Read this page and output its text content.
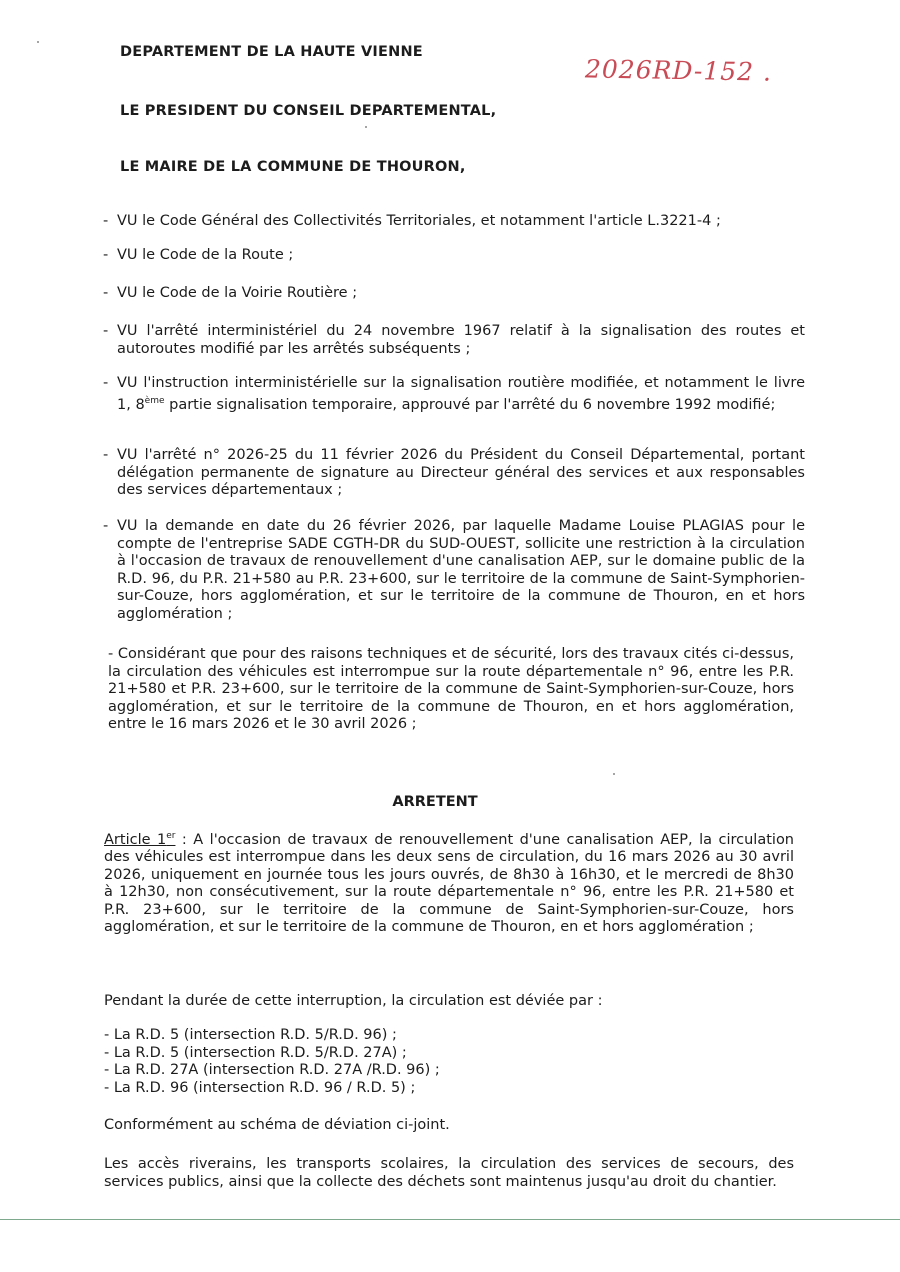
DEPARTEMENT DE LA HAUTE VIENNE
2026RD-152 .
LE PRESIDENT DU CONSEIL DEPARTEMENTAL,
LE MAIRE DE LA COMMUNE DE THOURON,
- VU le Code Général des Collectivités Territoriales, et notamment l'article L.3221-4 ;
- VU le Code de la Route ;
- VU le Code de la Voirie Routière ;
- VU l'arrêté interministériel du 24 novembre 1967 relatif à la signalisation des routes et autoroutes modifié par les arrêtés subséquents ;
- VU l'instruction interministérielle sur la signalisation routière modifiée, et notamment le livre 1, 8ème partie signalisation temporaire, approuvé par l'arrêté du 6 novembre 1992 modifié;
- VU l'arrêté n° 2026-25 du 11 février 2026 du Président du Conseil Départemental, portant délégation permanente de signature au Directeur général des services et aux responsables des services départementaux ;
- VU la demande en date du 26 février 2026, par laquelle Madame Louise PLAGIAS pour le compte de l'entreprise SADE CGTH-DR du SUD-OUEST, sollicite une restriction à la circulation à l'occasion de travaux de renouvellement d'une canalisation AEP, sur le domaine public de la R.D. 96, du P.R. 21+580 au P.R. 23+600, sur le territoire de la commune de Saint-Symphorien-sur-Couze, hors agglomération, et sur le territoire de la commune de Thouron, en et hors agglomération ;
- Considérant que pour des raisons techniques et de sécurité, lors des travaux cités ci-dessus, la circulation des véhicules est interrompue sur la route départementale n° 96, entre les P.R. 21+580 et P.R. 23+600, sur le territoire de la commune de Saint-Symphorien-sur-Couze, hors agglomération, et sur le territoire de la commune de Thouron, en et hors agglomération, entre le 16 mars 2026 et le 30 avril 2026 ;
ARRETENT
Article 1er : A l'occasion de travaux de renouvellement d'une canalisation AEP, la circulation des véhicules est interrompue dans les deux sens de circulation, du 16 mars 2026 au 30 avril 2026, uniquement en journée tous les jours ouvrés, de 8h30 à 16h30, et le mercredi de 8h30 à 12h30, non consécutivement, sur la route départementale n° 96, entre les P.R. 21+580 et P.R. 23+600, sur le territoire de la commune de Saint-Symphorien-sur-Couze, hors agglomération, et sur le territoire de la commune de Thouron, en et hors agglomération ;
Pendant la durée de cette interruption, la circulation est déviée par :
- La R.D. 5 (intersection R.D. 5/R.D. 96) ;
- La R.D. 5 (intersection R.D. 5/R.D. 27A) ;
- La R.D. 27A (intersection R.D. 27A /R.D. 96) ;
- La R.D. 96 (intersection R.D. 96 / R.D. 5) ;
Conformément au schéma de déviation ci-joint.
Les accès riverains, les transports scolaires, la circulation des services de secours, des services publics, ainsi que la collecte des déchets sont maintenus jusqu'au droit du chantier.
